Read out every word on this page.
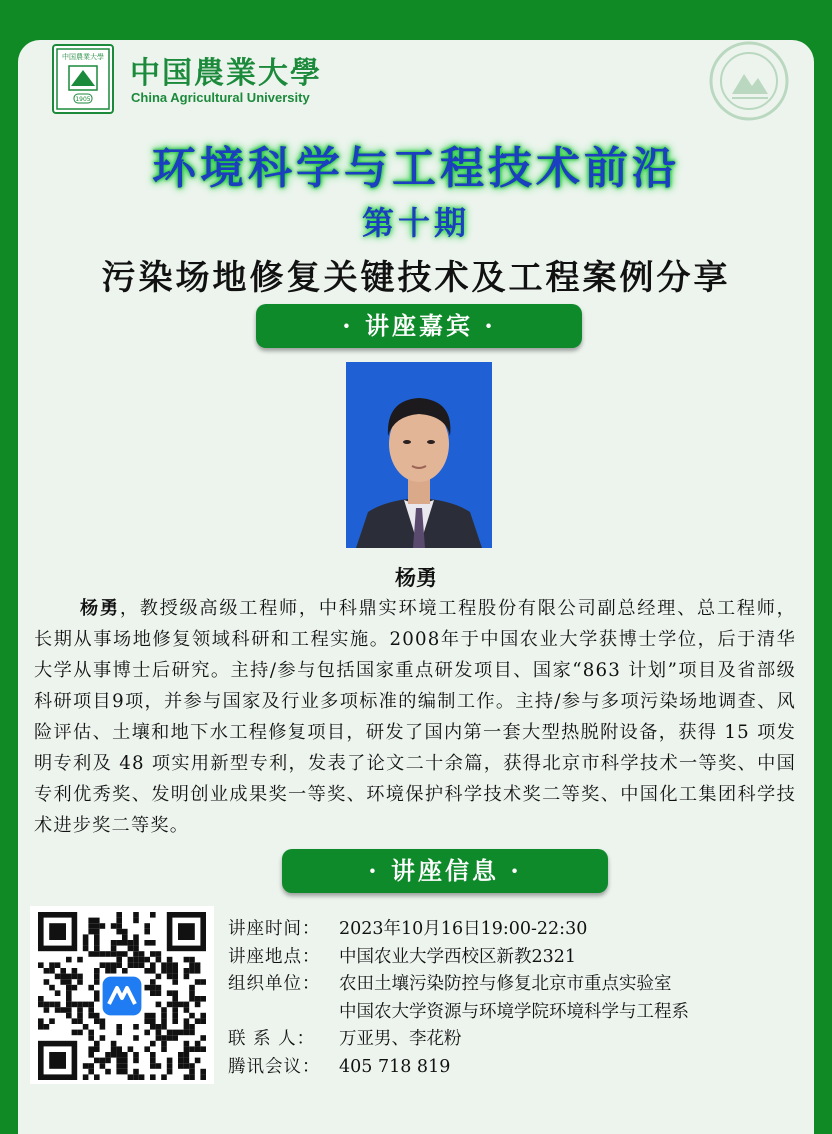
中国農業大學
1905
中国農業大學
China Agricultural University
环境科学与工程技术前沿
第十期
污染场地修复关键技术及工程案例分享
· 讲座嘉宾 ·
杨勇
杨勇，教授级高级工程师，中科鼎实环境工程股份有限公司副总经理、总工程师，长期从事场地修复领域科研和工程实施。2008年于中国农业大学获博士学位，后于清华大学从事博士后研究。主持/参与包括国家重点研发项目、国家“863 计划”项目及省部级科研项目9项，并参与国家及行业多项标准的编制工作。主持/参与多项污染场地调查、风险评估、土壤和地下水工程修复项目，研发了国内第一套大型热脱附设备，获得 15 项发明专利及 48 项实用新型专利，发表了论文二十余篇，获得北京市科学技术一等奖、中国专利优秀奖、发明创业成果奖一等奖、环境保护科学技术奖二等奖、中国化工集团科学技术进步奖二等奖。
· 讲座信息 ·
讲座时间：	2023年10月16日19:00-22:30
讲座地点：	中国农业大学西校区新教2321
组织单位：	农田土壤污染防控与修复北京市重点实验室
中国农大学资源与环境学院环境科学与工程系
联 系 人：	万亚男、李花粉
腾讯会议：	405 718 819
